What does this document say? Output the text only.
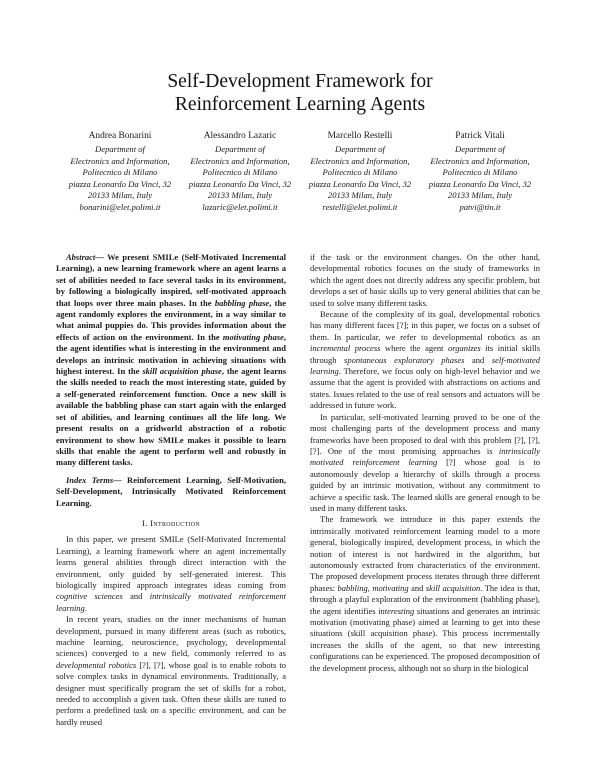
Self-Development Framework for
Reinforcement Learning Agents
Andrea Bonarini
Department of
Electronics and Information,
Politecnico di Milano
piazza Leonardo Da Vinci, 32
20133 Milan, Italy
bonarini@elet.polimi.it
Alessandro Lazaric
Department of
Electronics and Information,
Politecnico di Milano
piazza Leonardo Da Vinci, 32
20133 Milan, Italy
lazaric@elet.polimi.it
Marcello Restelli
Department of
Electronics and Information,
Politecnico di Milano
piazza Leonardo Da Vinci, 32
20133 Milan, Italy
restelli@elet.polimi.it
Patrick Vitali
Department of
Electronics and Information,
Politecnico di Milano
piazza Leonardo Da Vinci, 32
20133 Milan, Italy
patvi@tin.it

Abstract— We present SMILe (Self-Motivated Incremental Learning), a new learning framework where an agent learns a set of abilities needed to face several tasks in its environment, by following a biologically inspired, self-motivated approach that loops over three main phases. In the babbling phase, the agent randomly explores the environment, in a way similar to what animal puppies do. This provides information about the effects of action on the environment. In the motivating phase, the agent identifies what is interesting in the environment and develops an intrinsic motivation in achieving situations with highest interest. In the skill acquisition phase, the agent learns the skills needed to reach the most interesting state, guided by a self-generated reinforcement function. Once a new skill is available the babbling phase can start again with the enlarged set of abilities, and learning continues all the life long. We present results on a gridworld abstraction of a robotic environment to show how SMILe makes it possible to learn skills that enable the agent to perform well and robustly in many different tasks.

Index Terms— Reinforcement Learning, Self-Motivation, Self-Development, Intrinsically Motivated Reinforcement Learning.

I. Introduction

In this paper, we present SMILe (Self-Motivated Incremental Learning), a learning framework where an agent incrementally learns general abilities through direct interaction with the environment, only guided by self-generated interest. This biologically inspired approach integrates ideas coming from cognitive sciences and intrinsically motivated reinforcement learning.

In recent years, studies on the inner mechanisms of human development, pursued in many different areas (such as robotics, machine learning, neuroscience, psychology, developmental sciences) converged to a new field, commonly referred to as developmental robotics [?], [?], whose goal is to enable robots to solve complex tasks in dynamical environments. Traditionally, a designer must specifically program the set of skills for a robot, needed to accomplish a given task. Often these skills are tuned to perform a predefined task on a specific environment, and can be hardly reused

if the task or the environment changes. On the other hand, developmental robotics focuses on the study of frameworks in which the agent does not directly address any specific problem, but develops a set of basic skills up to very general abilities that can be used to solve many different tasks.

Because of the complexity of its goal, developmental robotics has many different faces [?]; in this paper, we focus on a subset of them. In particular, we refer to developmental robotics as an incremental process where the agent organizes its initial skills through spontaneous exploratory phases and self-motivated learning. Therefore, we focus only on high-level behavior and we assume that the agent is provided with abstractions on actions and states. Issues related to the use of real sensors and actuators will be addressed in future work.

In particular, self-motivated learning proved to be one of the most challenging parts of the development process and many frameworks have been proposed to deal with this problem [?], [?], [?]. One of the most promising approaches is intrinsically motivated reinforcement learning [?] whose goal is to autonomously develop a hierarchy of skills through a process guided by an intrinsic motivation, without any commitment to achieve a specific task. The learned skills are general enough to be used in many different tasks.

The framework we introduce in this paper extends the intrinsically motivated reinforcement learning model to a more general, biologically inspired, development process, in which the notion of interest is not hardwired in the algorithm, but autonomously extracted from characteristics of the environment. The proposed development process iterates through three different phases: babbling, motivating and skill acquisition. The idea is that, through a playful exploration of the environment (babbling phase), the agent identifies interesting situations and generates an intrinsic motivation (motivating phase) aimed at learning to get into these situations (skill acquisition phase). This process incrementally increases the skills of the agent, so that new interesting configurations can be experienced. The proposed decomposition of the development process, although not so sharp in the biological
